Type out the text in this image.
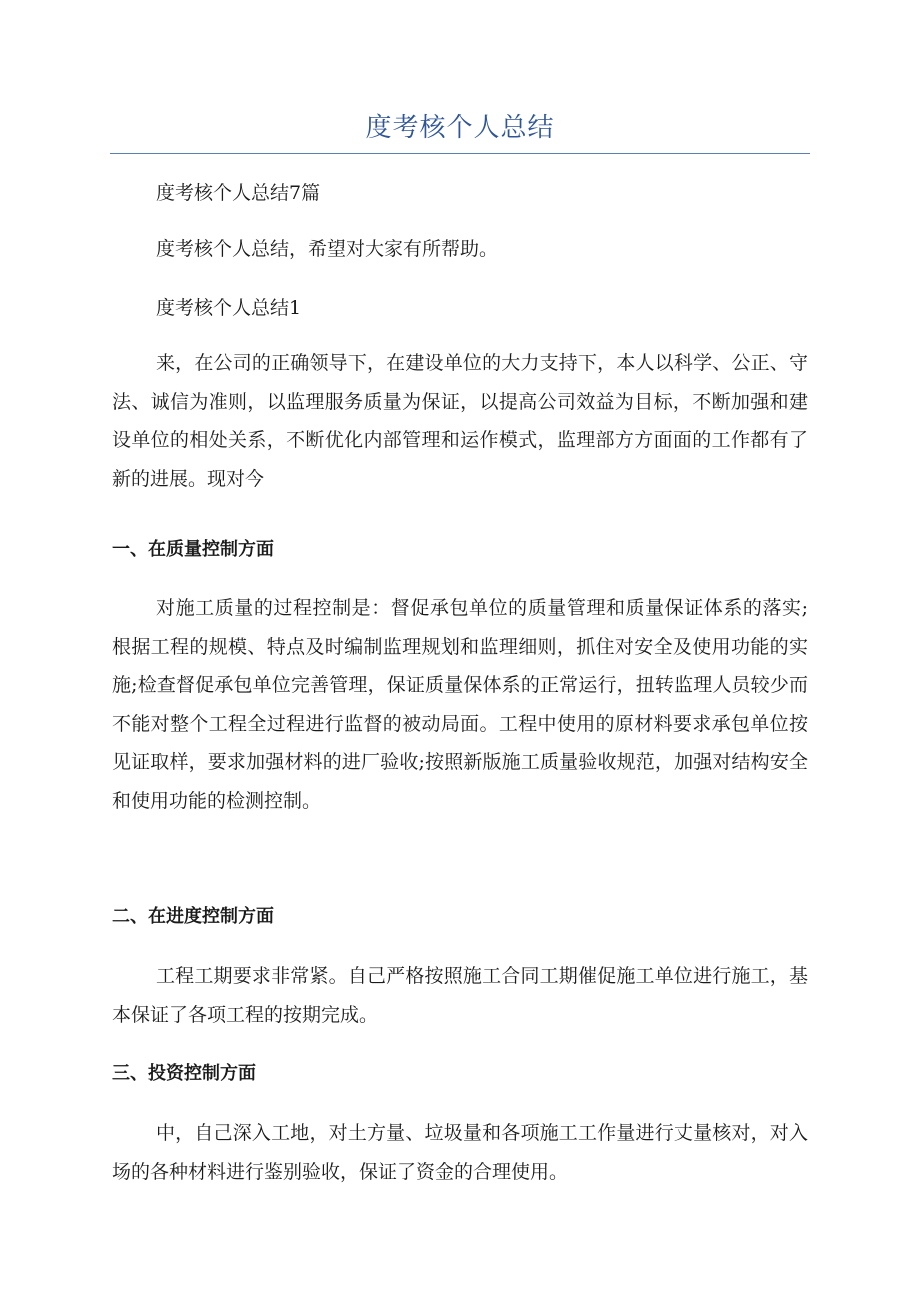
度考核个人总结

度考核个人总结7篇

度考核个人总结，希望对大家有所帮助。

度考核个人总结1

来，在公司的正确领导下，在建设单位的大力支持下，本人以科学、公正、守法、诚信为准则，以监理服务质量为保证，以提高公司效益为目标，不断加强和建设单位的相处关系，不断优化内部管理和运作模式，监理部方方面面的工作都有了新的进展。现对今

一、在质量控制方面

对施工质量的过程控制是：督促承包单位的质量管理和质量保证体系的落实;根据工程的规模、特点及时编制监理规划和监理细则，抓住对安全及使用功能的实施;检查督促承包单位完善管理，保证质量保体系的正常运行，扭转监理人员较少而不能对整个工程全过程进行监督的被动局面。工程中使用的原材料要求承包单位按见证取样，要求加强材料的进厂验收;按照新版施工质量验收规范，加强对结构安全和使用功能的检测控制。

二、在进度控制方面

工程工期要求非常紧。自己严格按照施工合同工期催促施工单位进行施工，基本保证了各项工程的按期完成。

三、投资控制方面

中，自己深入工地，对土方量、垃圾量和各项施工工作量进行丈量核对，对入场的各种材料进行鉴别验收，保证了资金的合理使用。
